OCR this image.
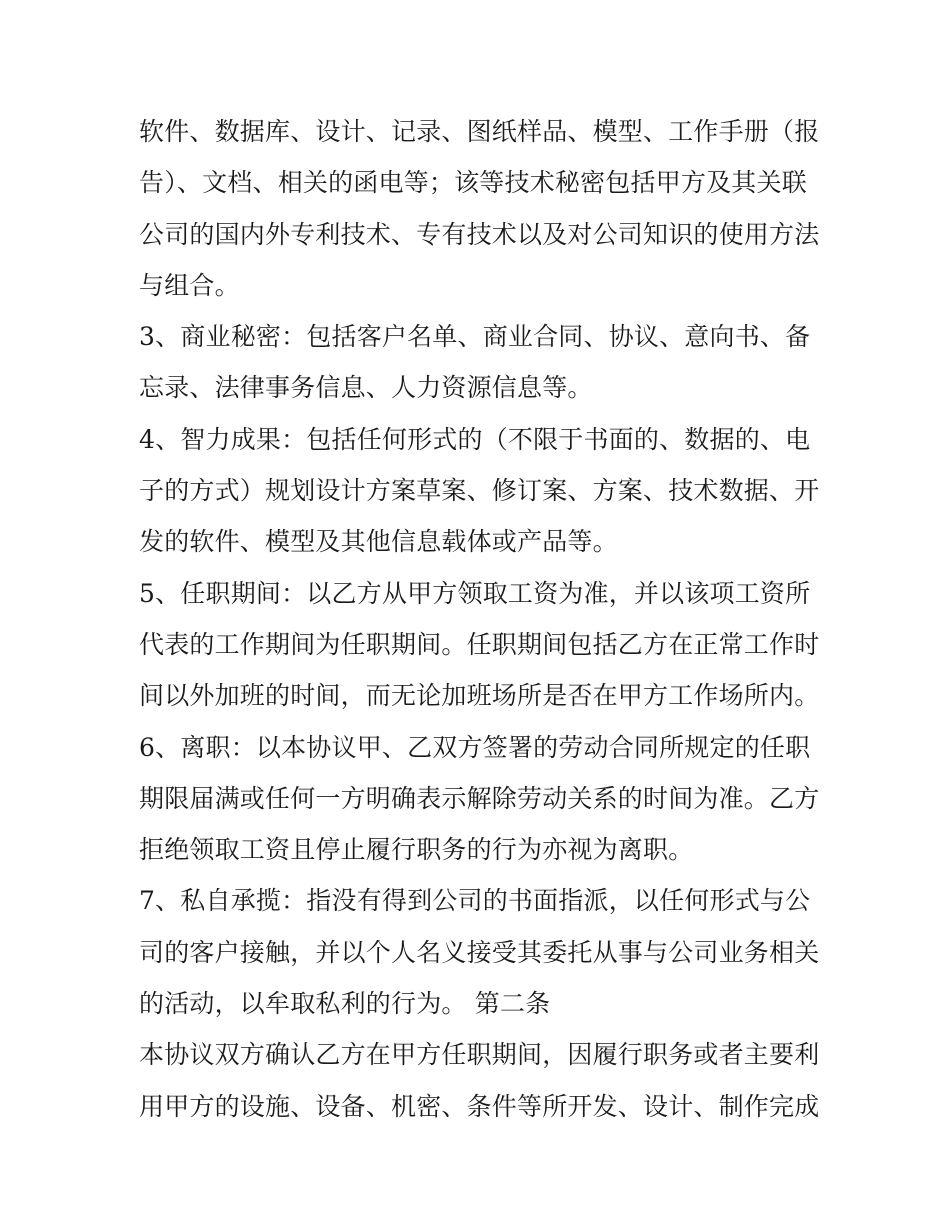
软件、数据库、设计、记录、图纸样品、模型、工作手册（报
告）、文档、相关的函电等；该等技术秘密包括甲方及其关联
公司的国内外专利技术、专有技术以及对公司知识的使用方法
与组合。
3、商业秘密：包括客户名单、商业合同、协议、意向书、备
忘录、法律事务信息、人力资源信息等。
4、智力成果：包括任何形式的（不限于书面的、数据的、电
子的方式）规划设计方案草案、修订案、方案、技术数据、开
发的软件、模型及其他信息载体或产品等。
5、任职期间：以乙方从甲方领取工资为准，并以该项工资所
代表的工作期间为任职期间。任职期间包括乙方在正常工作时
间以外加班的时间，而无论加班场所是否在甲方工作场所内。
6、离职：以本协议甲、乙双方签署的劳动合同所规定的任职
期限届满或任何一方明确表示解除劳动关系的时间为准。乙方
拒绝领取工资且停止履行职务的行为亦视为离职。
7、私自承揽：指没有得到公司的书面指派，以任何形式与公
司的客户接触，并以个人名义接受其委托从事与公司业务相关
的活动，以牟取私利的行为。 第二条
本协议双方确认乙方在甲方任职期间，因履行职务或者主要利
用甲方的设施、设备、机密、条件等所开发、设计、制作完成
